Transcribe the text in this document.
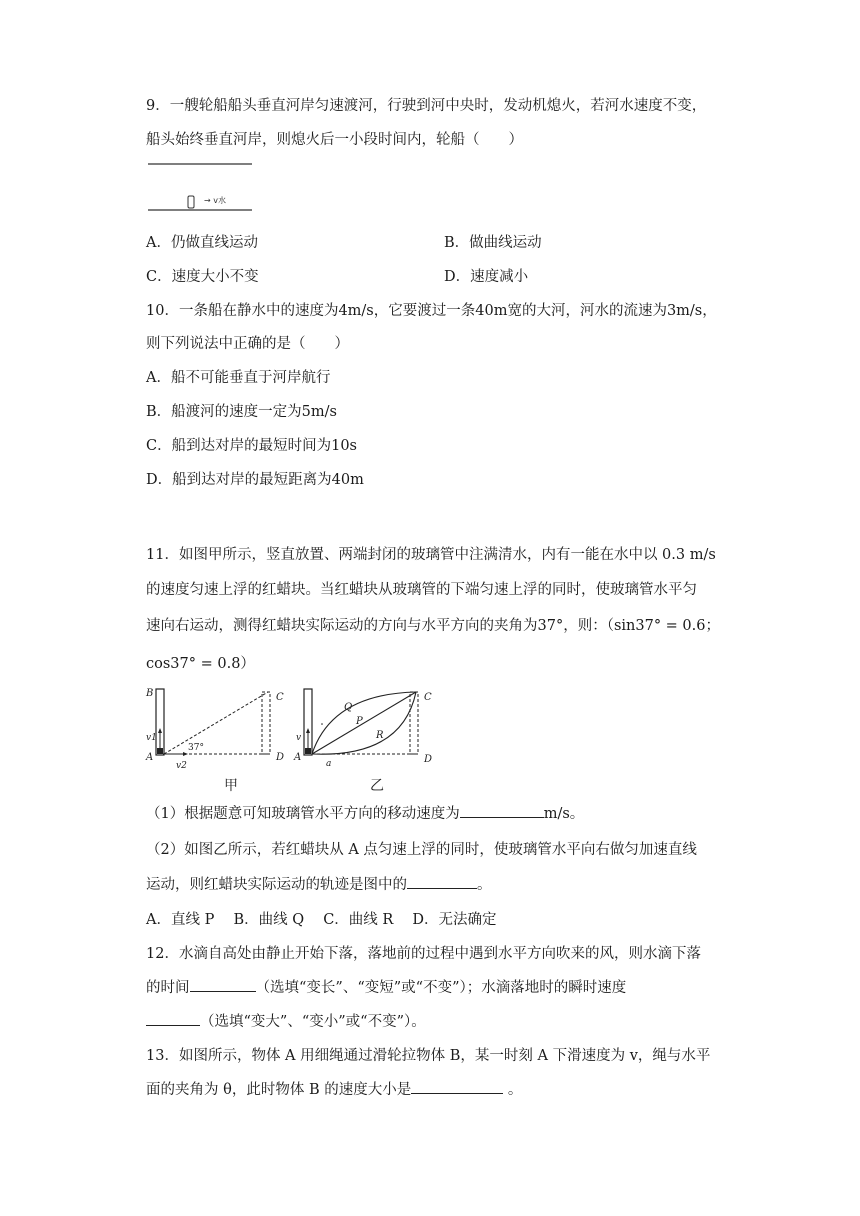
9．一艘轮船船头垂直河岸匀速渡河，行驶到河中央时，发动机熄火，若河水速度不变，
船头始终垂直河岸，则熄火后一小段时间内，轮船（　　）
→ v水
A．仍做直线运动	B．做曲线运动
C．速度大小不变	D．速度减小
10．一条船在静水中的速度为4m/s，它要渡过一条40m宽的大河，河水的流速为3m/s，
则下列说法中正确的是（　　）
A．船不可能垂直于河岸航行
B．船渡河的速度一定为5m/s
C．船到达对岸的最短时间为10s
D．船到达对岸的最短距离为40m
11．如图甲所示，竖直放置、两端封闭的玻璃管中注满清水，内有一能在水中以 0.3 m/s
的速度匀速上浮的红蜡块。当红蜡块从玻璃管的下端匀速上浮的同时，使玻璃管水平匀
速向右运动，测得红蜡块实际运动的方向与水平方向的夹角为37°，则：（sin37° = 0.6；
cos37° = 0.8）
B	C
A	D
v1
v2
37°
甲
C
A	D
a
v
Q
P
R
乙
（1）根据题意可知玻璃管水平方向的移动速度为	m/s。
（2）如图乙所示，若红蜡块从 A 点匀速上浮的同时，使玻璃管水平向右做匀加速直线
运动，则红蜡块实际运动的轨迹是图中的	。
A．直线 P　 B．曲线 Q　 C．曲线 R　 D．无法确定
12．水滴自高处由静止开始下落，落地前的过程中遇到水平方向吹来的风，则水滴下落
的时间	（选填“变长”、“变短”或“不变”）；水滴落地时的瞬时速度
（选填“变大”、“变小”或“不变”）。
13．如图所示，物体 A 用细绳通过滑轮拉物体 B，某一时刻 A 下滑速度为 v，绳与水平
面的夹角为 θ，此时物体 B 的速度大小是	。
